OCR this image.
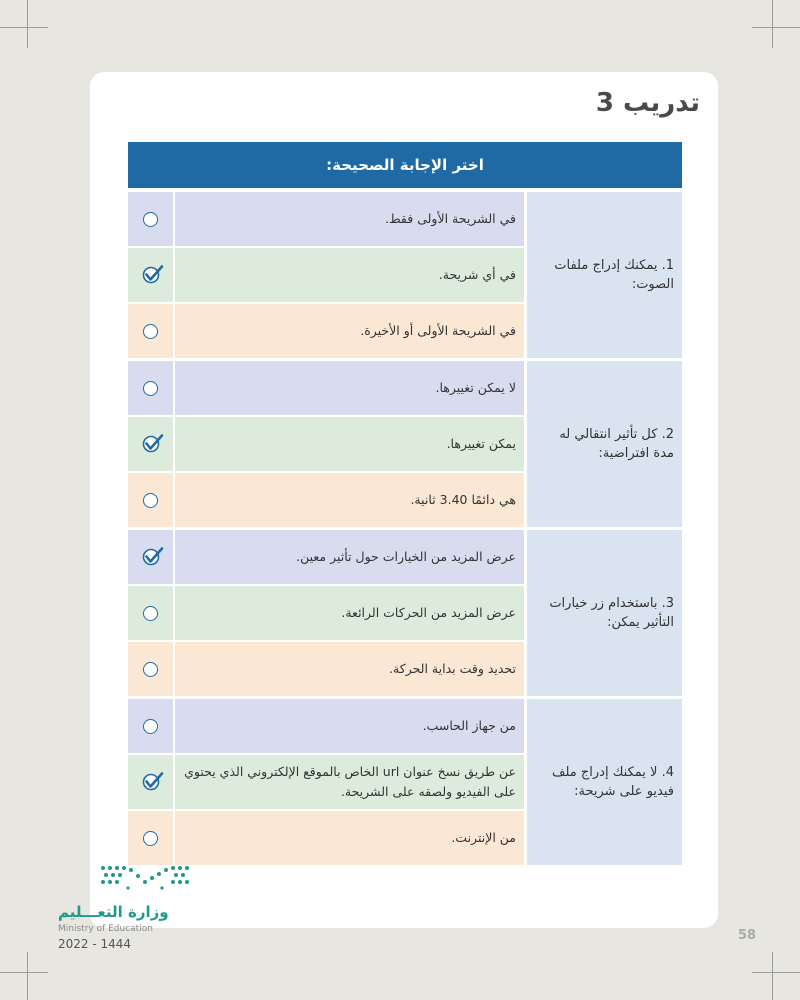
تدريب 3
اختر الإجابة الصحيحة:
1. يمكنك إدراج ملفات الصوت:
في الشريحة الأولى فقط.
في أي شريحة.
في الشريحة الأولى أو الأخيرة.
2. كل تأثير انتقالي له مدة افتراضية:
لا يمكن تغييرها.
يمكن تغييرها.
هي دائمًا 3.40 ثانية.
3. باستخدام زر خيارات التأثير يمكن:
عرض المزيد من الخيارات حول تأثير معين.
عرض المزيد من الحركات الرائعة.
تحديد وقت بداية الحركة.
4. لا يمكنك إدراج ملف فيديو على شريحة:
من جهاز الحاسب.
عن طريق نسخ عنوان url الخاص بالموقع الإلكتروني الذي يحتوي على الفيديو ولصقه على الشريحة.
من الإنترنت.
وزارة التعـــليم
Ministry of Education
2022 - 1444
58
